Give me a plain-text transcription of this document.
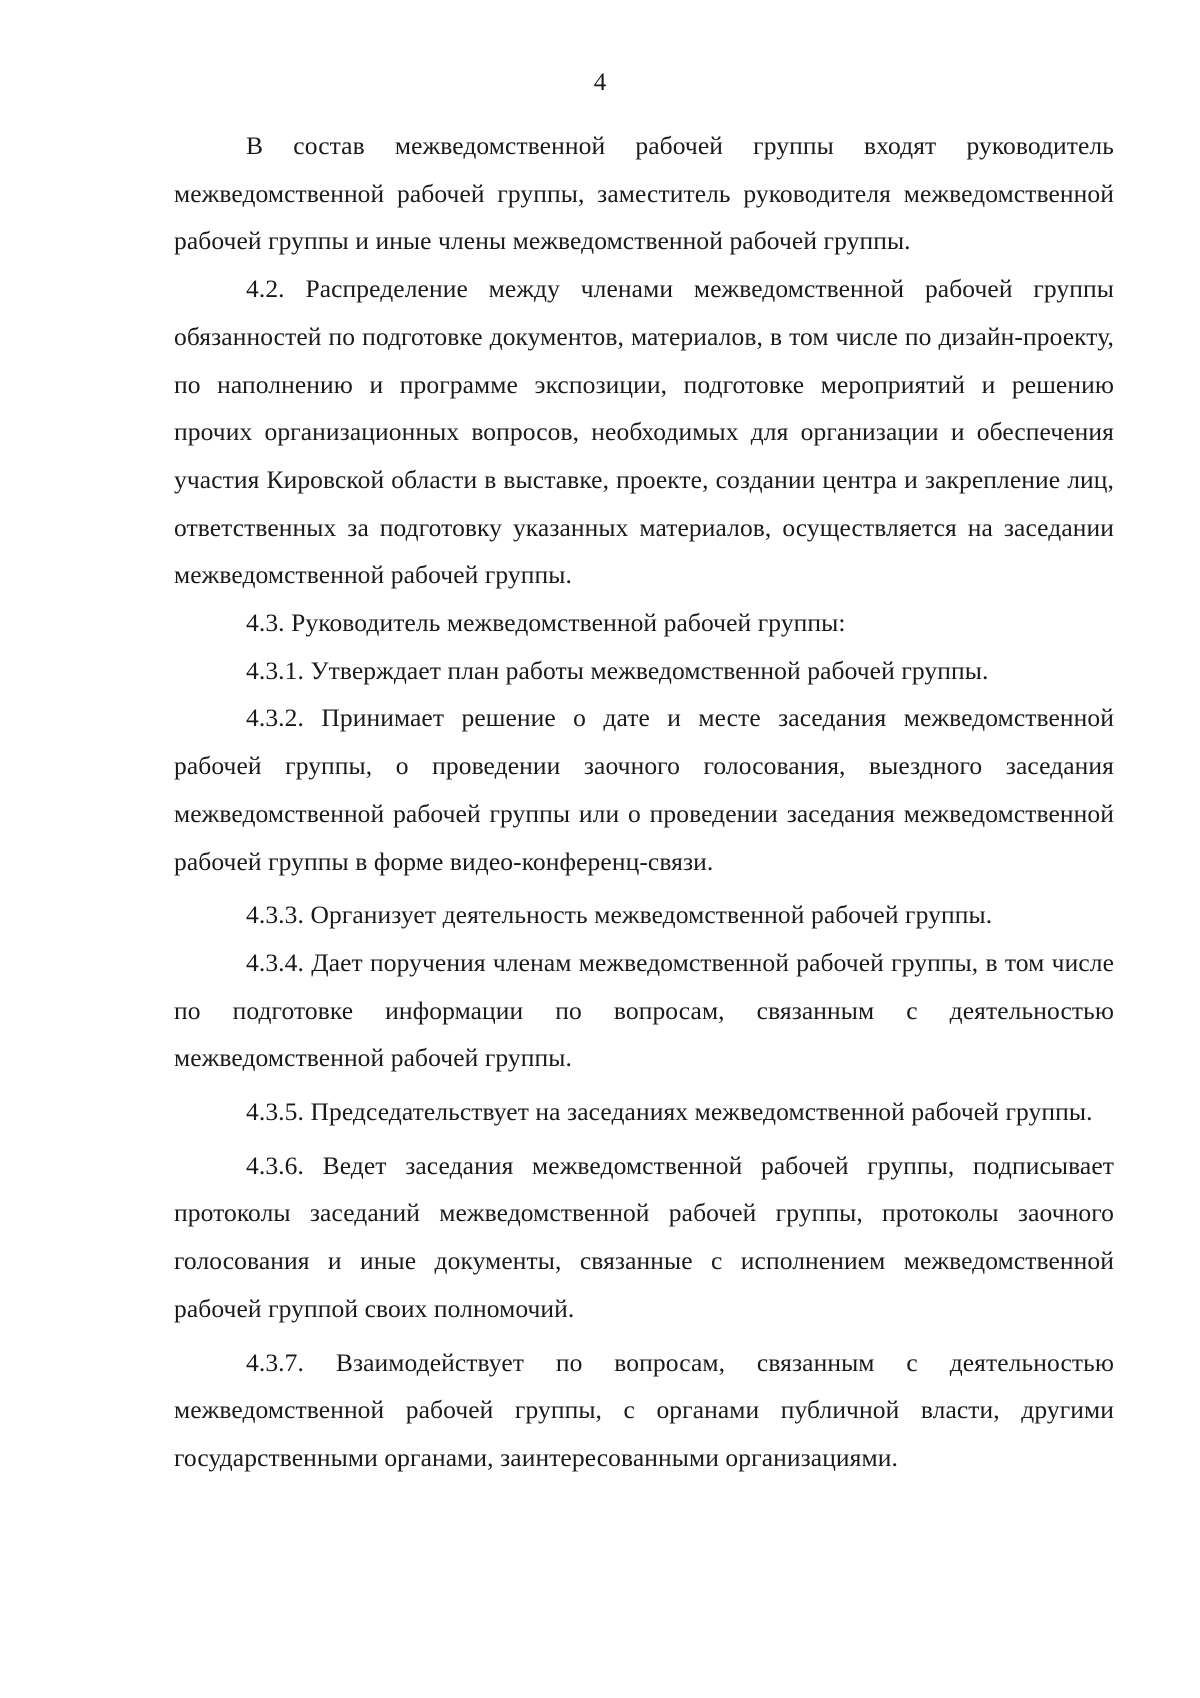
4

В состав межведомственной рабочей группы входят руководитель межведомственной рабочей группы, заместитель руководителя межведомственной рабочей группы и иные члены межведомственной рабочей группы.

4.2. Распределение между членами межведомственной рабочей группы обязанностей по подготовке документов, материалов, в том числе по дизайн-проекту, по наполнению и программе экспозиции, подготовке мероприятий и решению прочих организационных вопросов, необходимых для организации и обеспечения участия Кировской области в выставке, проекте, создании центра и закрепление лиц, ответственных за подготовку указанных материалов, осуществляется на заседании межведомственной рабочей группы.

4.3. Руководитель межведомственной рабочей группы:

4.3.1. Утверждает план работы межведомственной рабочей группы.

4.3.2. Принимает решение о дате и месте заседания межведомственной рабочей группы, о проведении заочного голосования, выездного заседания межведомственной рабочей группы или о проведении заседания межведомственной рабочей группы в форме видео-конференц-связи.

4.3.3. Организует деятельность межведомственной рабочей группы.

4.3.4. Дает поручения членам межведомственной рабочей группы, в том числе по подготовке информации по вопросам, связанным с деятельностью межведомственной рабочей группы.

4.3.5. Председательствует на заседаниях межведомственной рабочей группы.

4.3.6. Ведет заседания межведомственной рабочей группы, подписывает протоколы заседаний межведомственной рабочей группы, протоколы заочного голосования и иные документы, связанные с исполнением межведомственной рабочей группой своих полномочий.

4.3.7. Взаимодействует по вопросам, связанным с деятельностью межведомственной рабочей группы, с органами публичной власти, другими государственными органами, заинтересованными организациями.
